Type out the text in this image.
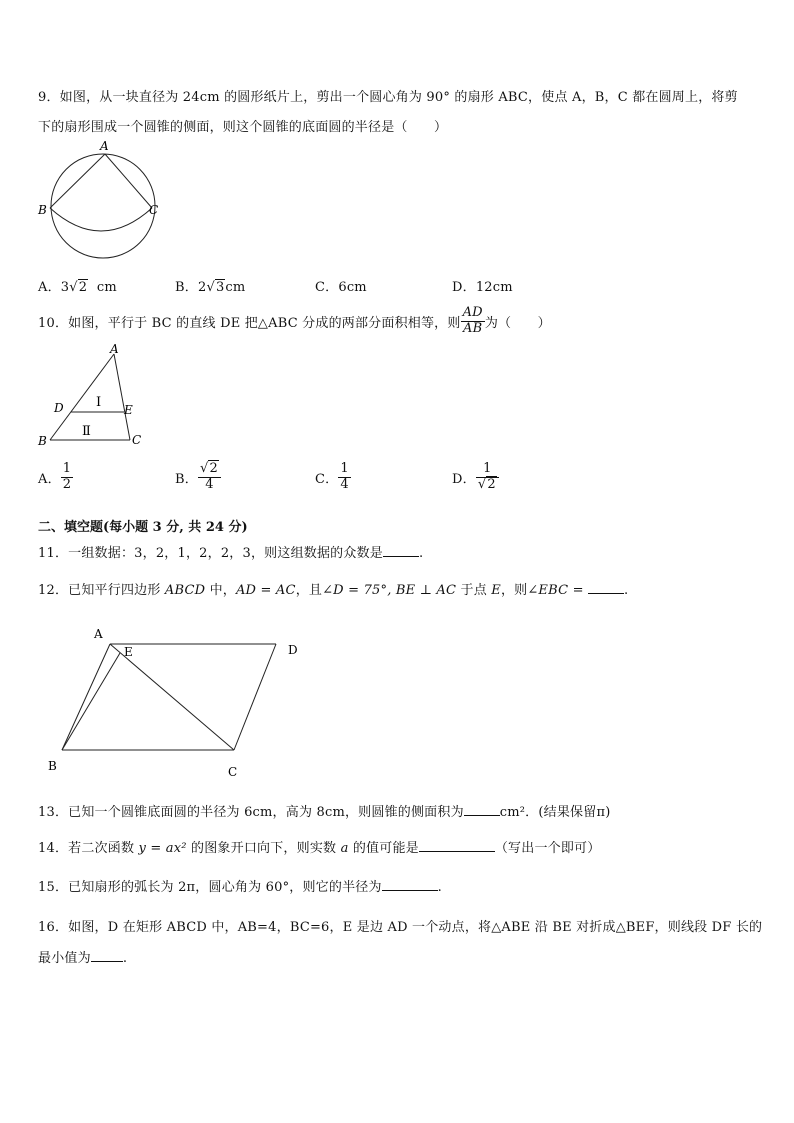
9．如图，从一块直径为 24cm 的圆形纸片上，剪出一个圆心角为 90° 的扇形 ABC，使点 A，B，C 都在圆周上，将剪
下的扇形围成一个圆锥的侧面，则这个圆锥的底面圆的半径是（　　）
A
B	C
A．3√2 cm	B．2√3cm	C．6cm	D．12cm
10．如图，平行于 BC 的直线 DE 把△ABC 分成的两部分面积相等，则 $\frac{AD}{AB}$ 为（　　）
A
D	E
B	C
Ⅰ
Ⅱ
A． $\frac{1}{2}$	B． $\frac{√2}{4}$	C． $\frac{1}{4}$	D． $\frac{1}{√2}$
二、填空题(每小题 3 分, 共 24 分)
11．一组数据：3，2，1，2，2，3，则这组数据的众数是	.
12．已知平行四边形 ABCD 中，AD = AC，且∠D = 75°, BE ⊥ AC 于点 E，则∠EBC =	.
A
E	D
B	C
13．已知一个圆锥底面圆的半径为 6cm，高为 8cm，则圆锥的侧面积为	cm²．(结果保留π)
14．若二次函数 y = ax² 的图象开口向下，则实数 a 的值可能是	（写出一个即可）
15．已知扇形的弧长为 2π，圆心角为 60°，则它的半径为	.
16．如图，D 在矩形 ABCD 中，AB=4，BC=6，E 是边 AD 一个动点，将△ABE 沿 BE 对折成△BEF，则线段 DF 长的
最小值为 .
